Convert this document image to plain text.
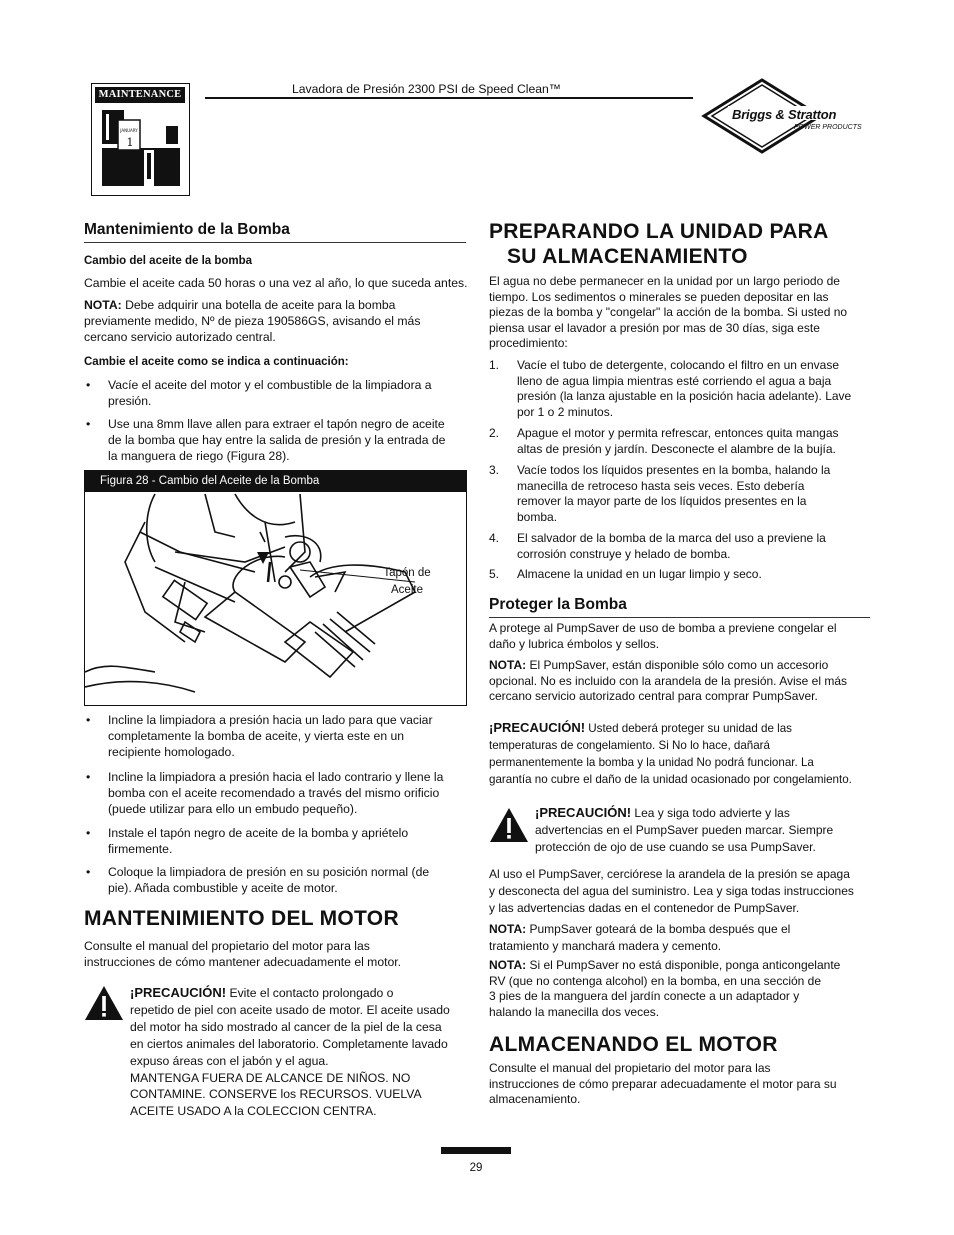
MAINTENANCE
JANUARY
1
Lavadora de Presión 2300 PSI de Speed Clean™
Briggs & Stratton
POWER PRODUCTS
Mantenimiento de la Bomba
Cambio del aceite de la bomba
Cambie el aceite cada 50 horas o una vez al año, lo que suceda antes.
NOTA: Debe adquirir una botella de aceite para la bomba
previamente medido, Nº de pieza 190586GS, avisando el más
cercano servicio autorizado central.
Cambie el aceite como se indica a continuación:
• Vacíe el aceite del motor y el combustible de la limpiadora a
presión.
• Use una 8mm llave allen para extraer el tapón negro de aceite
de la bomba que hay entre la salida de presión y la entrada de
la manguera de riego (Figura 28).
Figura 28 - Cambio del Aceite de la Bomba
Tapón de
Aceite
• Incline la limpiadora a presión hacia un lado para que vaciar
completamente la bomba de aceite, y vierta este en un
recipiente homologado.
• Incline la limpiadora a presión hacia el lado contrario y llene la
bomba con el aceite recomendado a través del mismo orificio
(puede utilizar para ello un embudo pequeño).
• Instale el tapón negro de aceite de la bomba y apriételo
firmemente.
• Coloque la limpiadora de presión en su posición normal (de
pie). Añada combustible y aceite de motor.
MANTENIMIENTO DEL MOTOR
Consulte el manual del propietario del motor para las
instrucciones de cómo mantener adecuadamente el motor.
¡PRECAUCIÓN! Evite el contacto prolongado o
repetido de piel con aceite usado de motor. El aceite usado
del motor ha sido mostrado al cancer de la piel de la cesa
en ciertos animales del laboratorio. Completamente lavado
expuso áreas con el jabón y el agua.
MANTENGA FUERA DE ALCANCE DE NIÑOS. NO
CONTAMINE. CONSERVE los RECURSOS. VUELVA
ACEITE USADO A la COLECCION CENTRA.
PREPARANDO LA UNIDAD PARA
SU ALMACENAMIENTO
El agua no debe permanecer en la unidad por un largo periodo de
tiempo. Los sedimentos o minerales se pueden depositar en las
piezas de la bomba y "congelar" la acción de la bomba. Si usted no
piensa usar el lavador a presión por mas de 30 días, siga este
procedimiento:
1. Vacíe el tubo de detergente, colocando el filtro en un envase
lleno de agua limpia mientras esté corriendo el agua a baja
presión (la lanza ajustable en la posición hacia adelante). Lave
por 1 o 2 minutos.
2. Apague el motor y permita refrescar, entonces quita mangas
altas de presión y jardín. Desconecte el alambre de la bujía.
3. Vacíe todos los líquidos presentes en la bomba, halando la
manecilla de retroceso hasta seis veces. Esto debería
remover la mayor parte de los líquidos presentes en la
bomba.
4. El salvador de la bomba de la marca del uso a previene la
corrosión construye y helado de bomba.
5. Almacene la unidad en un lugar limpio y seco.
Proteger la Bomba
A protege al PumpSaver de uso de bomba a previene congelar el
daño y lubrica émbolos y sellos.
NOTA: El PumpSaver, están disponible sólo como un accesorio
opcional. No es incluido con la arandela de la presión. Avise el más
cercano servicio autorizado central para comprar PumpSaver.
¡PRECAUCIÓN! Usted deberá proteger su unidad de las
temperaturas de congelamiento. Si No lo hace, dañará
permanentemente la bomba y la unidad No podrá funcionar. La
garantía no cubre el daño de la unidad ocasionado por congelamiento.
¡PRECAUCIÓN! Lea y siga todo advierte y las
advertencias en el PumpSaver pueden marcar. Siempre
protección de ojo de use cuando se usa PumpSaver.
Al uso el PumpSaver, cerciórese la arandela de la presión se apaga
y desconecta del agua del suministro. Lea y siga todas instrucciones
y las advertencias dadas en el contenedor de PumpSaver.
NOTA: PumpSaver goteará de la bomba después que el
tratamiento y manchará madera y cemento.
NOTA: Si el PumpSaver no está disponible, ponga anticongelante
RV (que no contenga alcohol) en la bomba, en una sección de
3 pies de la manguera del jardín conecte a un adaptador y
halando la manecilla dos veces.
ALMACENANDO EL MOTOR
Consulte el manual del propietario del motor para las
instrucciones de cómo preparar adecuadamente el motor para su
almacenamiento.
29
